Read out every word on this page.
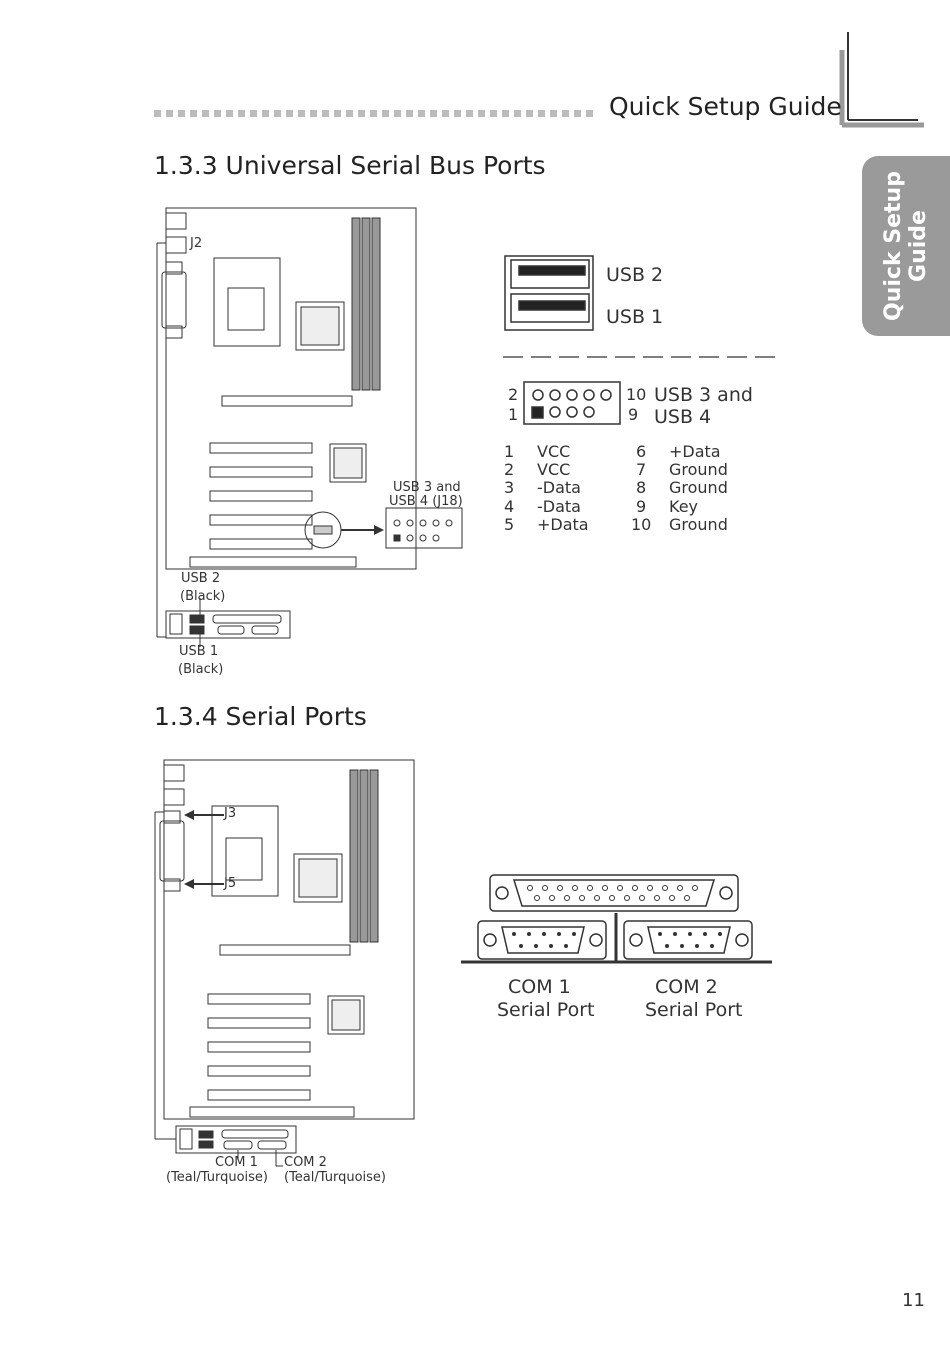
Quick Setup
Guide
Quick Setup Guide
1.3.3 Universal Serial Bus Ports
J2
USB 3 and
USB 4 (J18)
USB 2
(Black)
USB 1
(Black)
USB 2
USB 1
2
1
10
9
USB 3 and
USB 4
1 VCC
2 VCC
3 -Data
4 -Data
5 +Data
6 +Data
7 Ground
8 Ground
9 Key
10 Ground
1.3.4 Serial Ports
J3
J5
COM 1
(Teal/Turquoise)
COM 2
(Teal/Turquoise)
COM 1
Serial Port
COM 2
Serial Port
11
